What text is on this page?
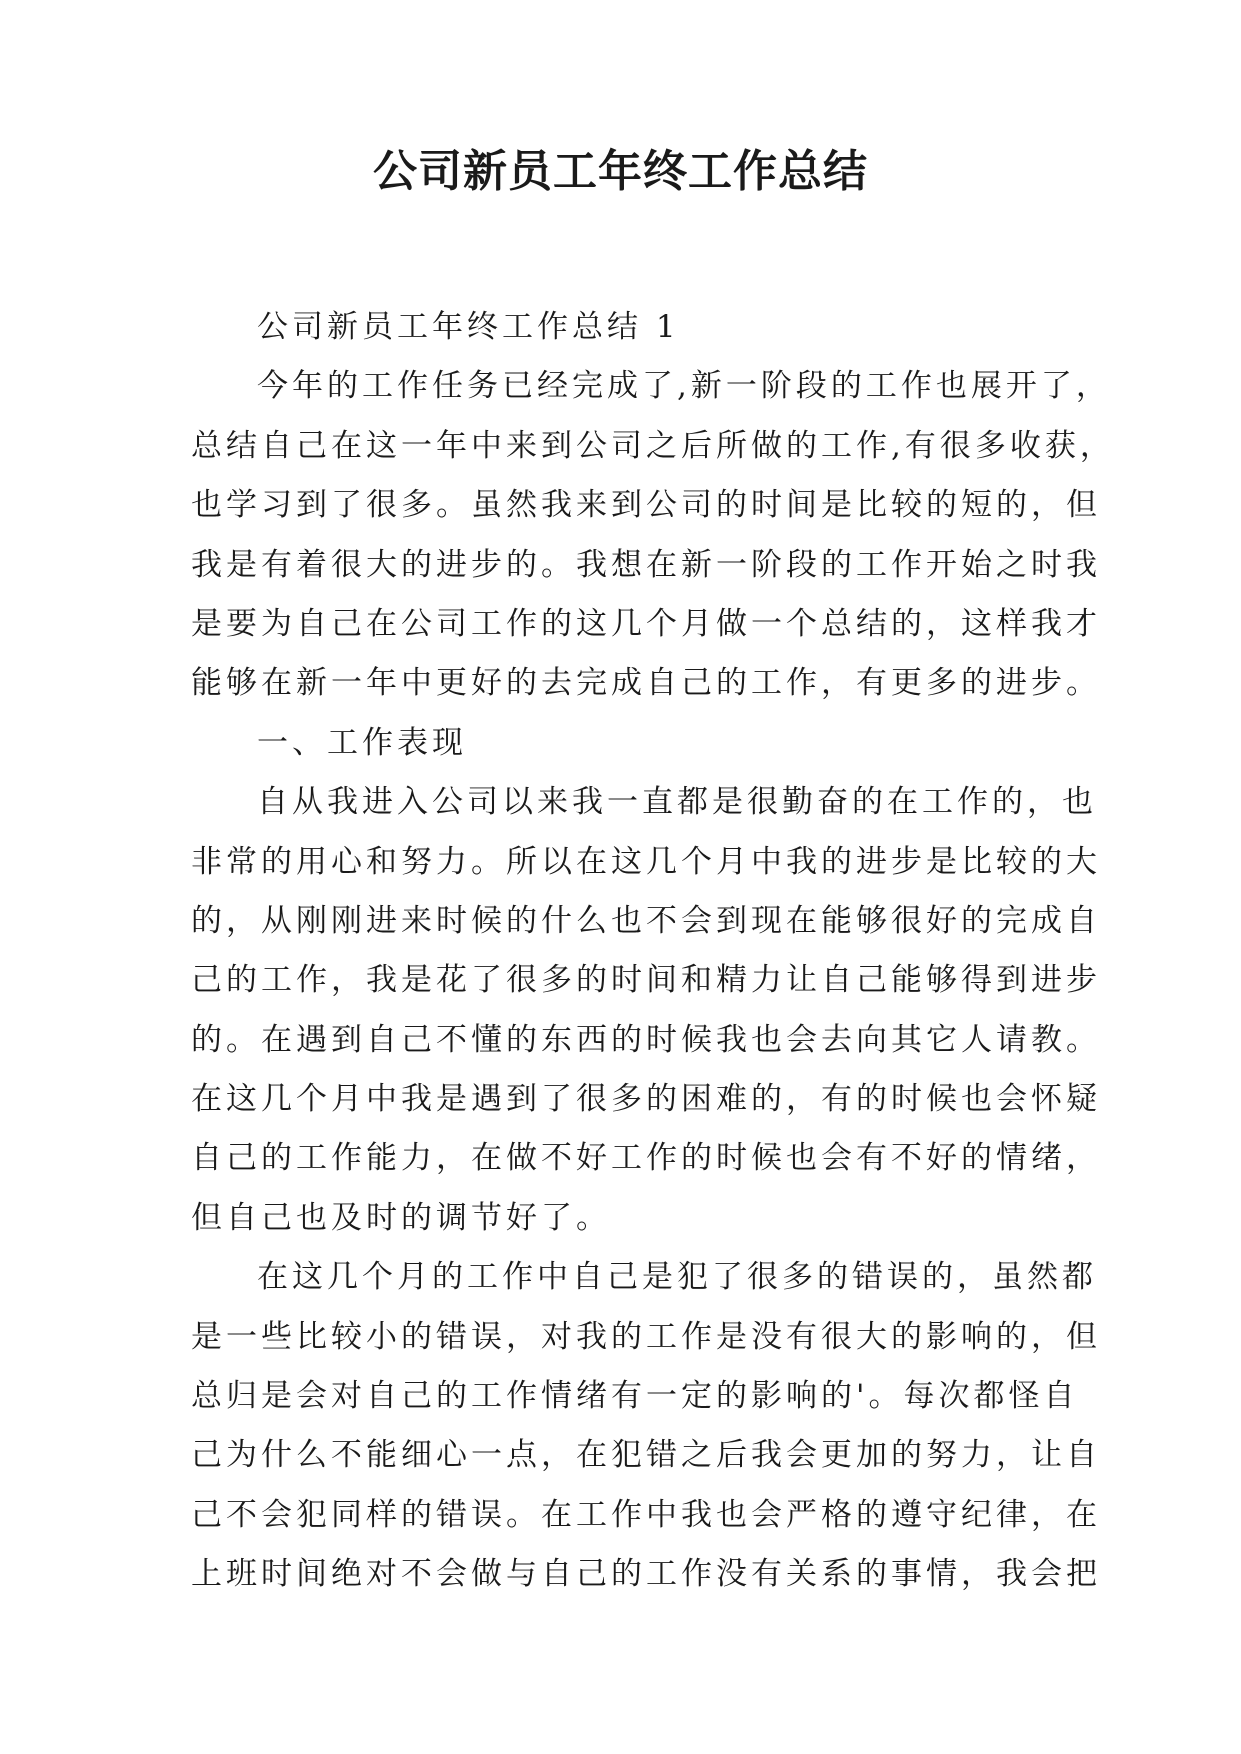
公司新员工年终工作总结
公司新员工年终工作总结 1
今年的工作任务已经完成了,新一阶段的工作也展开了，
总结自己在这一年中来到公司之后所做的工作,有很多收获，
也学习到了很多。虽然我来到公司的时间是比较的短的，但
我是有着很大的进步的。我想在新一阶段的工作开始之时我
是要为自己在公司工作的这几个月做一个总结的，这样我才
能够在新一年中更好的去完成自己的工作，有更多的进步。
一、工作表现
自从我进入公司以来我一直都是很勤奋的在工作的，也
非常的用心和努力。所以在这几个月中我的进步是比较的大
的，从刚刚进来时候的什么也不会到现在能够很好的完成自
己的工作，我是花了很多的时间和精力让自己能够得到进步
的。在遇到自己不懂的东西的时候我也会去向其它人请教。
在这几个月中我是遇到了很多的困难的，有的时候也会怀疑
自己的工作能力，在做不好工作的时候也会有不好的情绪，
但自己也及时的调节好了。
在这几个月的工作中自己是犯了很多的错误的，虽然都
是一些比较小的错误，对我的工作是没有很大的影响的，但
总归是会对自己的工作情绪有一定的影响的'。每次都怪自
己为什么不能细心一点，在犯错之后我会更加的努力，让自
己不会犯同样的错误。在工作中我也会严格的遵守纪律，在
上班时间绝对不会做与自己的工作没有关系的事情，我会把
